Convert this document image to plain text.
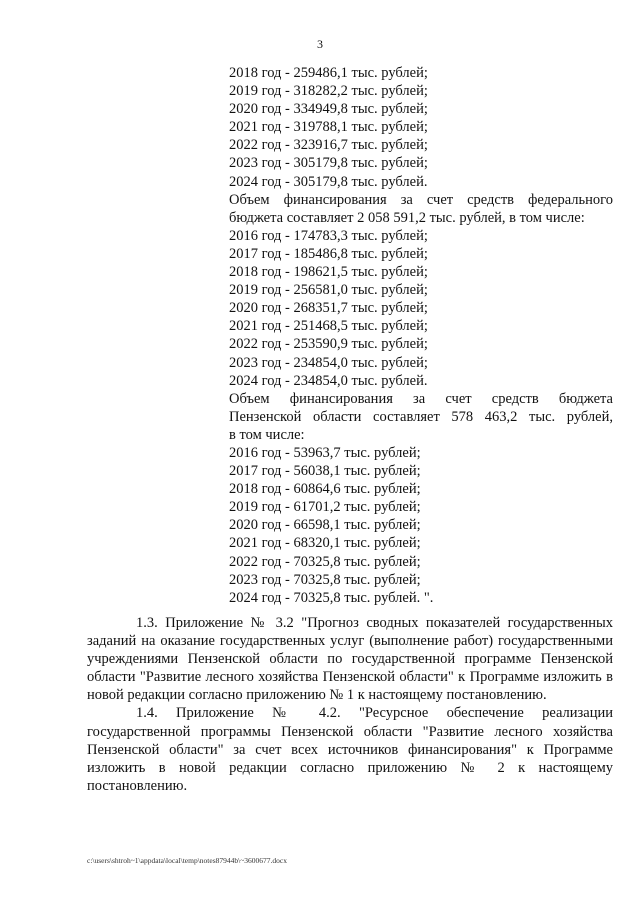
3
2018 год - 259486,1 тыс. рублей;
2019 год - 318282,2 тыс. рублей;
2020 год - 334949,8 тыс. рублей;
2021 год - 319788,1 тыс. рублей;
2022 год - 323916,7 тыс. рублей;
2023 год - 305179,8 тыс. рублей;
2024 год - 305179,8 тыс. рублей.
Объем финансирования за счет средств федерального
бюджета составляет 2 058 591,2 тыс. рублей, в том числе:
2016 год - 174783,3 тыс. рублей;
2017 год - 185486,8 тыс. рублей;
2018 год - 198621,5 тыс. рублей;
2019 год - 256581,0 тыс. рублей;
2020 год - 268351,7 тыс. рублей;
2021 год - 251468,5 тыс. рублей;
2022 год - 253590,9 тыс. рублей;
2023 год - 234854,0 тыс. рублей;
2024 год - 234854,0 тыс. рублей.
Объем финансирования за счет средств бюджета
Пензенской области составляет 578 463,2 тыс. рублей,
в том числе:
2016 год - 53963,7 тыс. рублей;
2017 год - 56038,1 тыс. рублей;
2018 год - 60864,6 тыс. рублей;
2019 год - 61701,2 тыс. рублей;
2020 год - 66598,1 тыс. рублей;
2021 год - 68320,1 тыс. рублей;
2022 год - 70325,8 тыс. рублей;
2023 год - 70325,8 тыс. рублей;
2024 год - 70325,8 тыс. рублей. ".

1.3. Приложение № 3.2 "Прогноз сводных показателей государственных заданий на оказание государственных услуг (выполнение работ) государственными учреждениями Пензенской области по государственной программе Пензенской области "Развитие лесного хозяйства Пензенской области" к Программе изложить в новой редакции согласно приложению № 1 к настоящему постановлению.

1.4. Приложение № 4.2. "Ресурсное обеспечение реализации государственной программы Пензенской области "Развитие лесного хозяйства Пензенской области" за счет всех источников финансирования" к Программе изложить в новой редакции согласно приложению № 2 к настоящему постановлению.

c:\users\shtroh~1\appdata\local\temp\notes87944b\~3600677.docx
